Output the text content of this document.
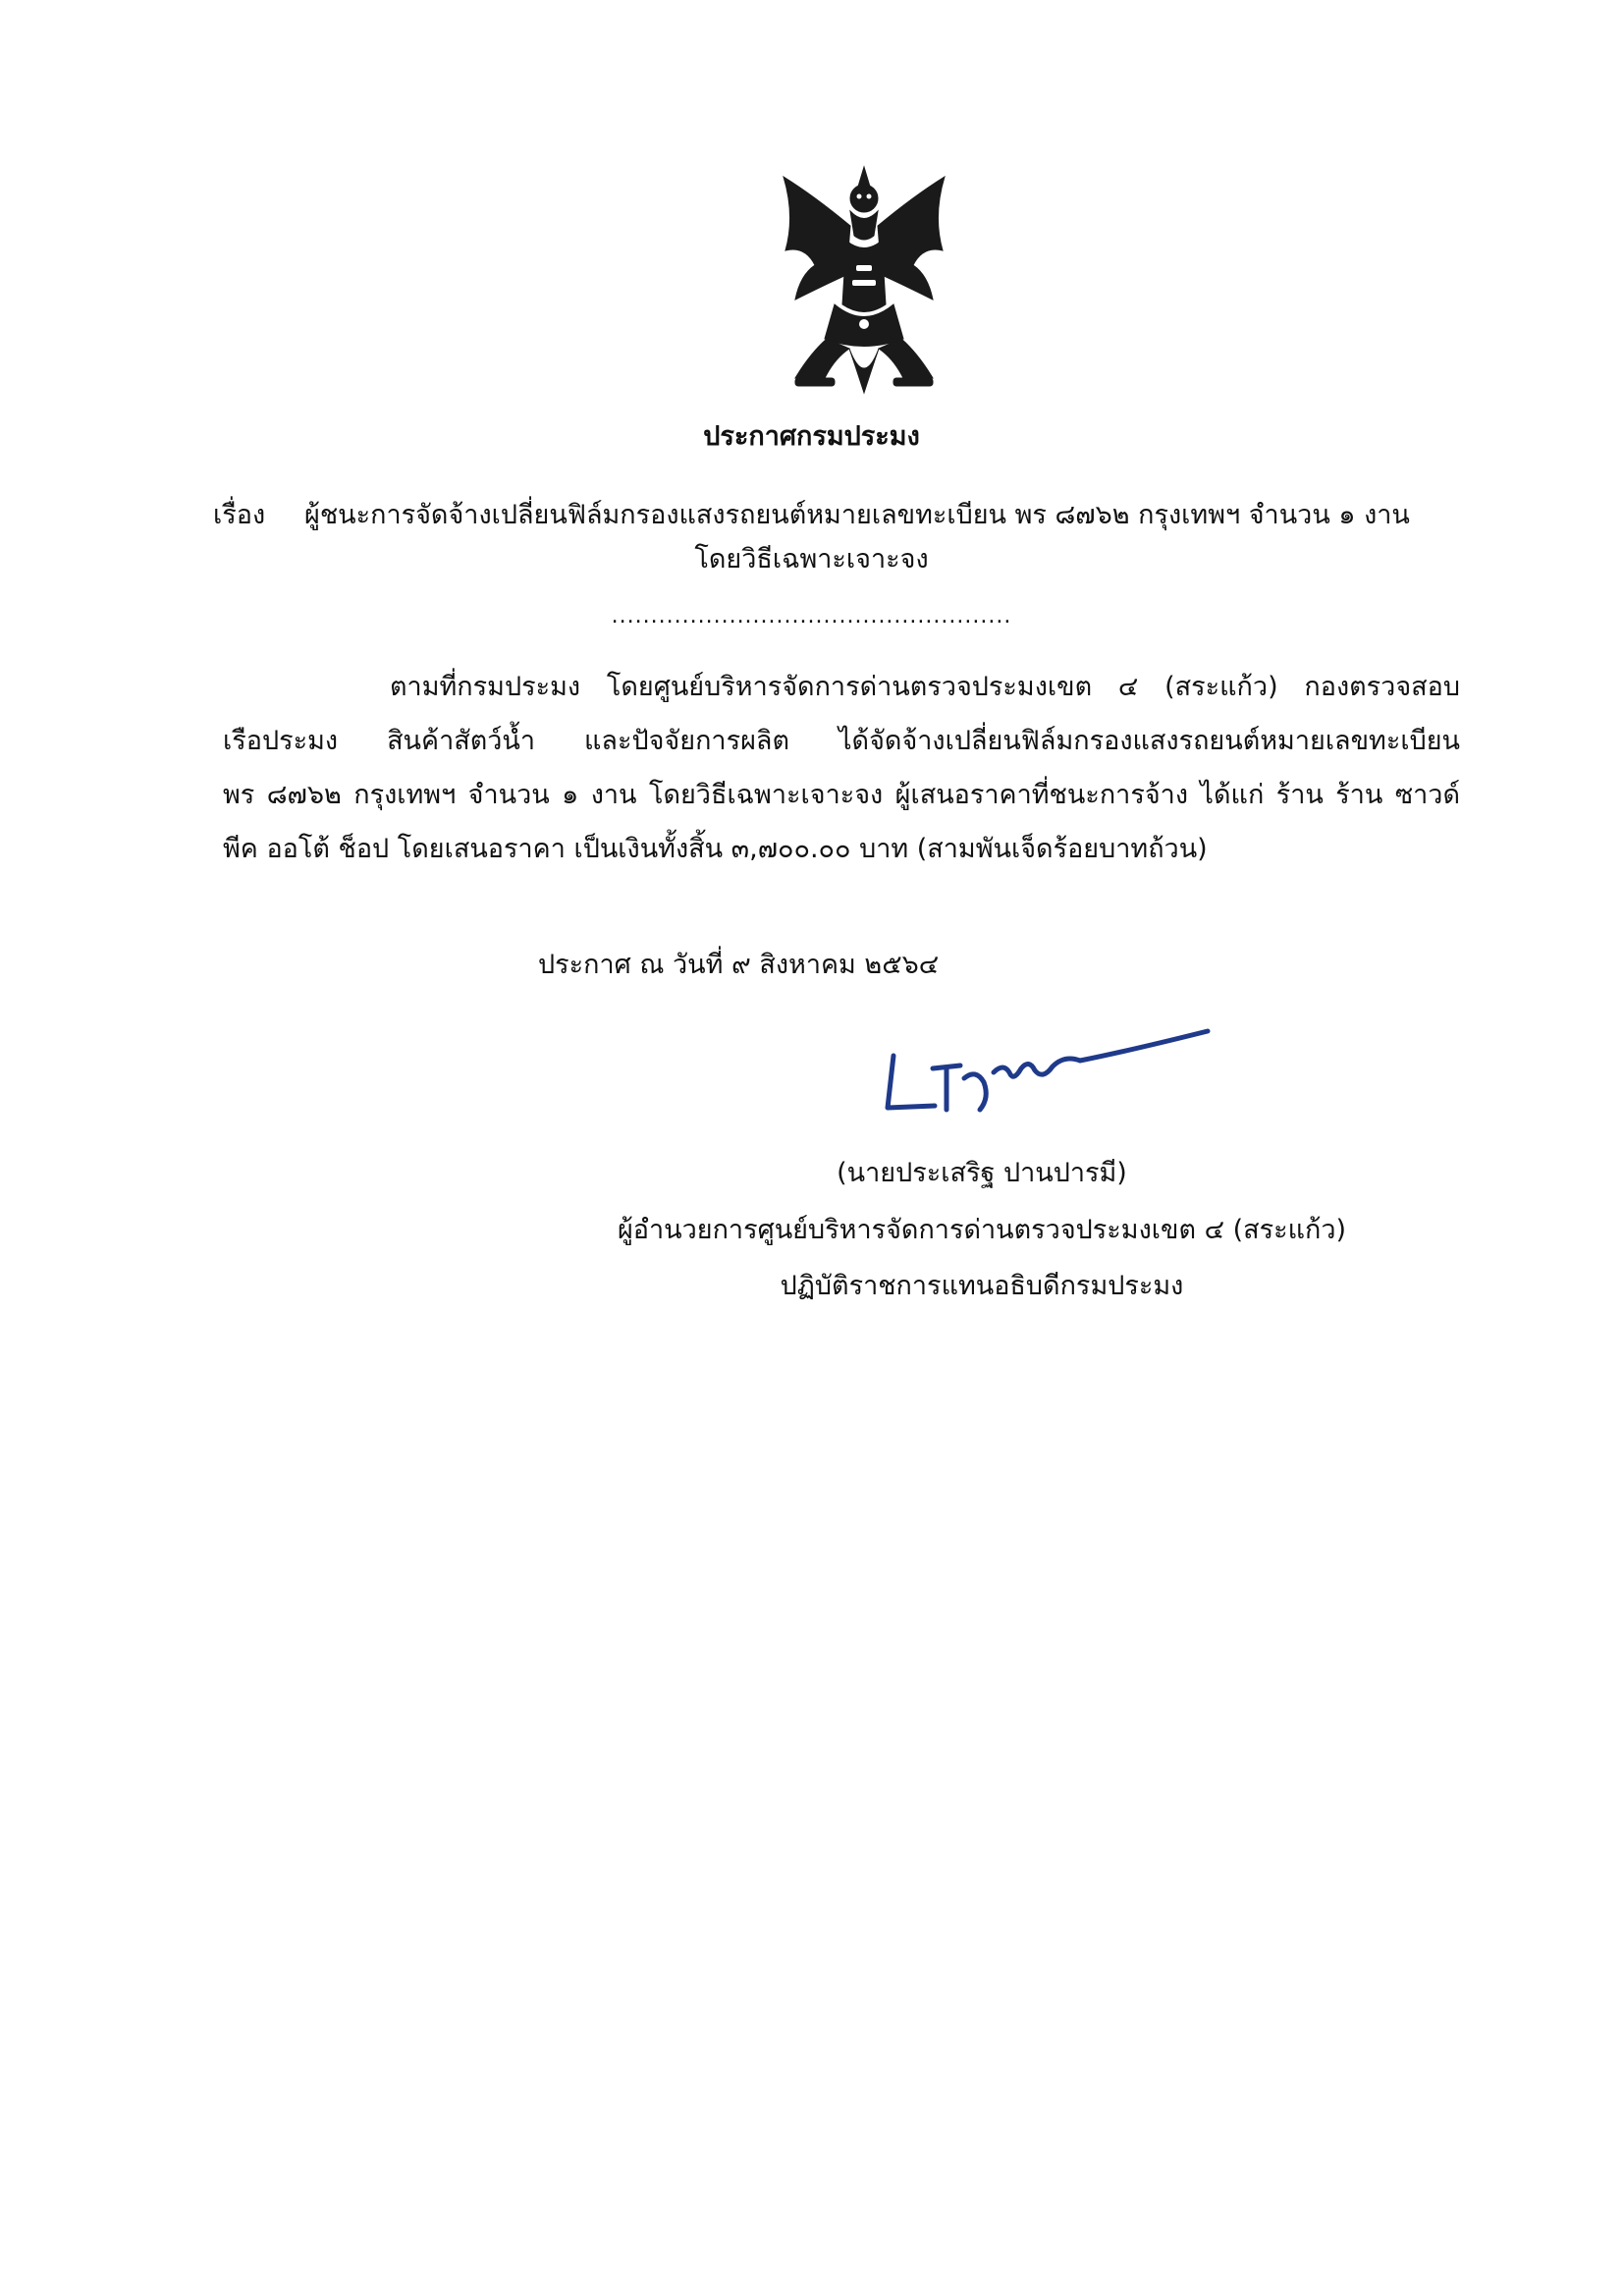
ประกาศกรมประมง
เรื่อง ผู้ชนะการจัดจ้างเปลี่ยนฟิล์มกรองแสงรถยนต์หมายเลขทะเบียน พร ๘๗๖๒ กรุงเทพฯ จำนวน ๑ งาน
โดยวิธีเฉพาะเจาะจง
...................................................
ตามที่กรมประมง โดยศูนย์บริหารจัดการด่านตรวจประมงเขต ๔ (สระแก้ว) กองตรวจสอบ
เรือประมง สินค้าสัตว์น้ำ และปัจจัยการผลิต ได้จัดจ้างเปลี่ยนฟิล์มกรองแสงรถยนต์หมายเลขทะเบียน
พร ๘๗๖๒ กรุงเทพฯ จำนวน ๑ งาน โดยวิธีเฉพาะเจาะจง ผู้เสนอราคาที่ชนะการจ้าง ได้แก่ ร้าน ร้าน ซาวด์
พีค ออโต้ ช็อป โดยเสนอราคา เป็นเงินทั้งสิ้น ๓,๗๐๐.๐๐ บาท (สามพันเจ็ดร้อยบาทถ้วน)
ประกาศ ณ วันที่ ๙ สิงหาคม ๒๕๖๔
(นายประเสริฐ ปานปารมี)
ผู้อำนวยการศูนย์บริหารจัดการด่านตรวจประมงเขต ๔ (สระแก้ว)
ปฏิบัติราชการแทนอธิบดีกรมประมง
